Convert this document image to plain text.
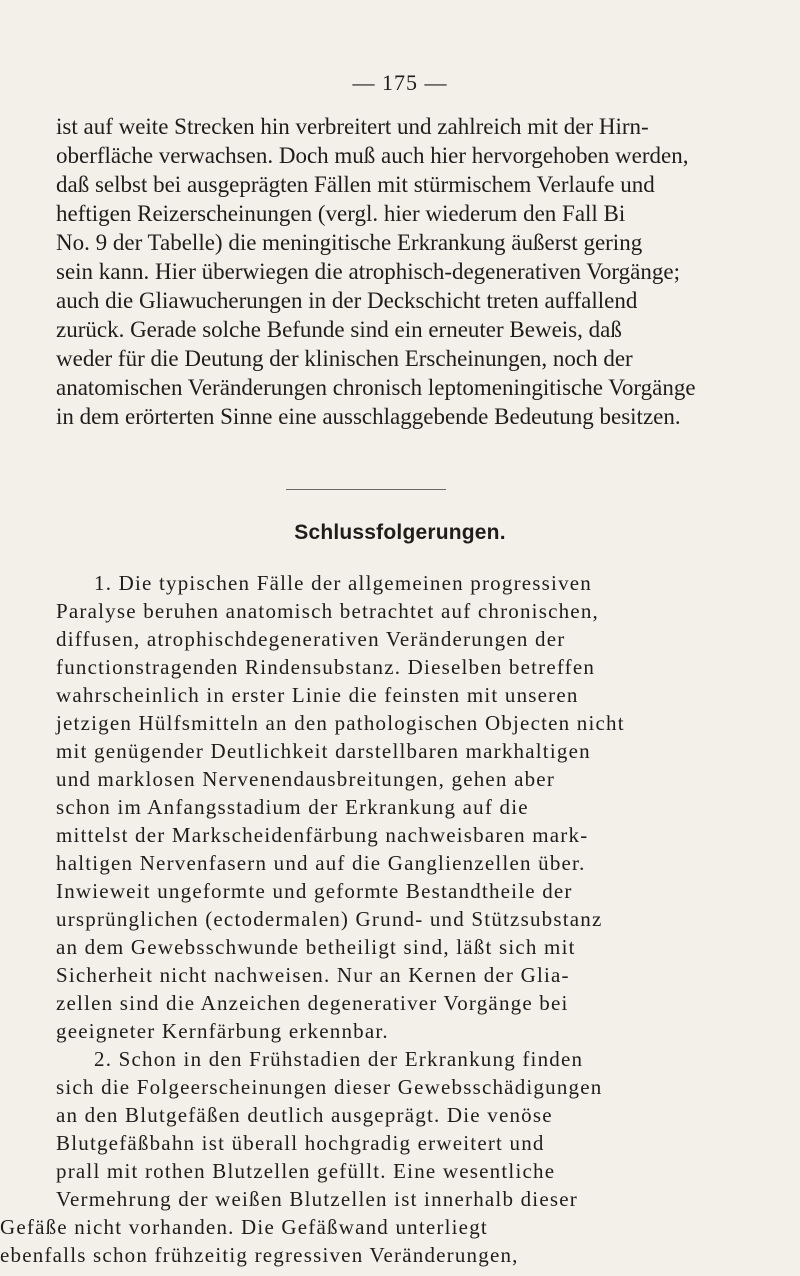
— 175 —
ist auf weite Strecken hin verbreitert und zahlreich mit der Hirn-
oberfläche verwachsen. Doch muß auch hier hervorgehoben werden,
daß selbst bei ausgeprägten Fällen mit stürmischem Verlaufe und
heftigen Reizerscheinungen (vergl. hier wiederum den Fall Bi
No. 9 der Tabelle) die meningitische Erkrankung äußerst gering
sein kann. Hier überwiegen die atrophisch-degenerativen Vorgänge;
auch die Gliawucherungen in der Deckschicht treten auffallend
zurück. Gerade solche Befunde sind ein erneuter Beweis, daß
weder für die Deutung der klinischen Erscheinungen, noch der
anatomischen Veränderungen chronisch leptomeningitische Vorgänge
in dem erörterten Sinne eine ausschlaggebende Bedeutung besitzen.
Schlussfolgerungen.
1. Die typischen Fälle der allgemeinen progressiven
Paralyse beruhen anatomisch betrachtet auf chronischen,
diffusen, atrophischdegenerativen Veränderungen der
functionstragenden Rindensubstanz. Dieselben betreffen
wahrscheinlich in erster Linie die feinsten mit unseren
jetzigen Hülfsmitteln an den pathologischen Objecten nicht
mit genügender Deutlichkeit darstellbaren markhaltigen
und marklosen Nervenendausbreitungen, gehen aber
schon im Anfangsstadium der Erkrankung auf die
mittelst der Markscheidenfärbung nachweisbaren mark-
haltigen Nervenfasern und auf die Ganglienzellen über.
Inwieweit ungeformte und geformte Bestandtheile der
ursprünglichen (ectodermalen) Grund- und Stützsubstanz
an dem Gewebsschwunde betheiligt sind, läßt sich mit
Sicherheit nicht nachweisen. Nur an Kernen der Glia-
zellen sind die Anzeichen degenerativer Vorgänge bei
geeigneter Kernfärbung erkennbar.
2. Schon in den Frühstadien der Erkrankung finden
sich die Folgeerscheinungen dieser Gewebsschädigungen
an den Blutgefäßen deutlich ausgeprägt. Die venöse
Blutgefäßbahn ist überall hochgradig erweitert und
prall mit rothen Blutzellen gefüllt. Eine wesentliche
Vermehrung der weißen Blutzellen ist innerhalb dieser
Gefäße nicht vorhanden. Die Gefäßwand unterliegt
ebenfalls schon frühzeitig regressiven Veränderungen,
